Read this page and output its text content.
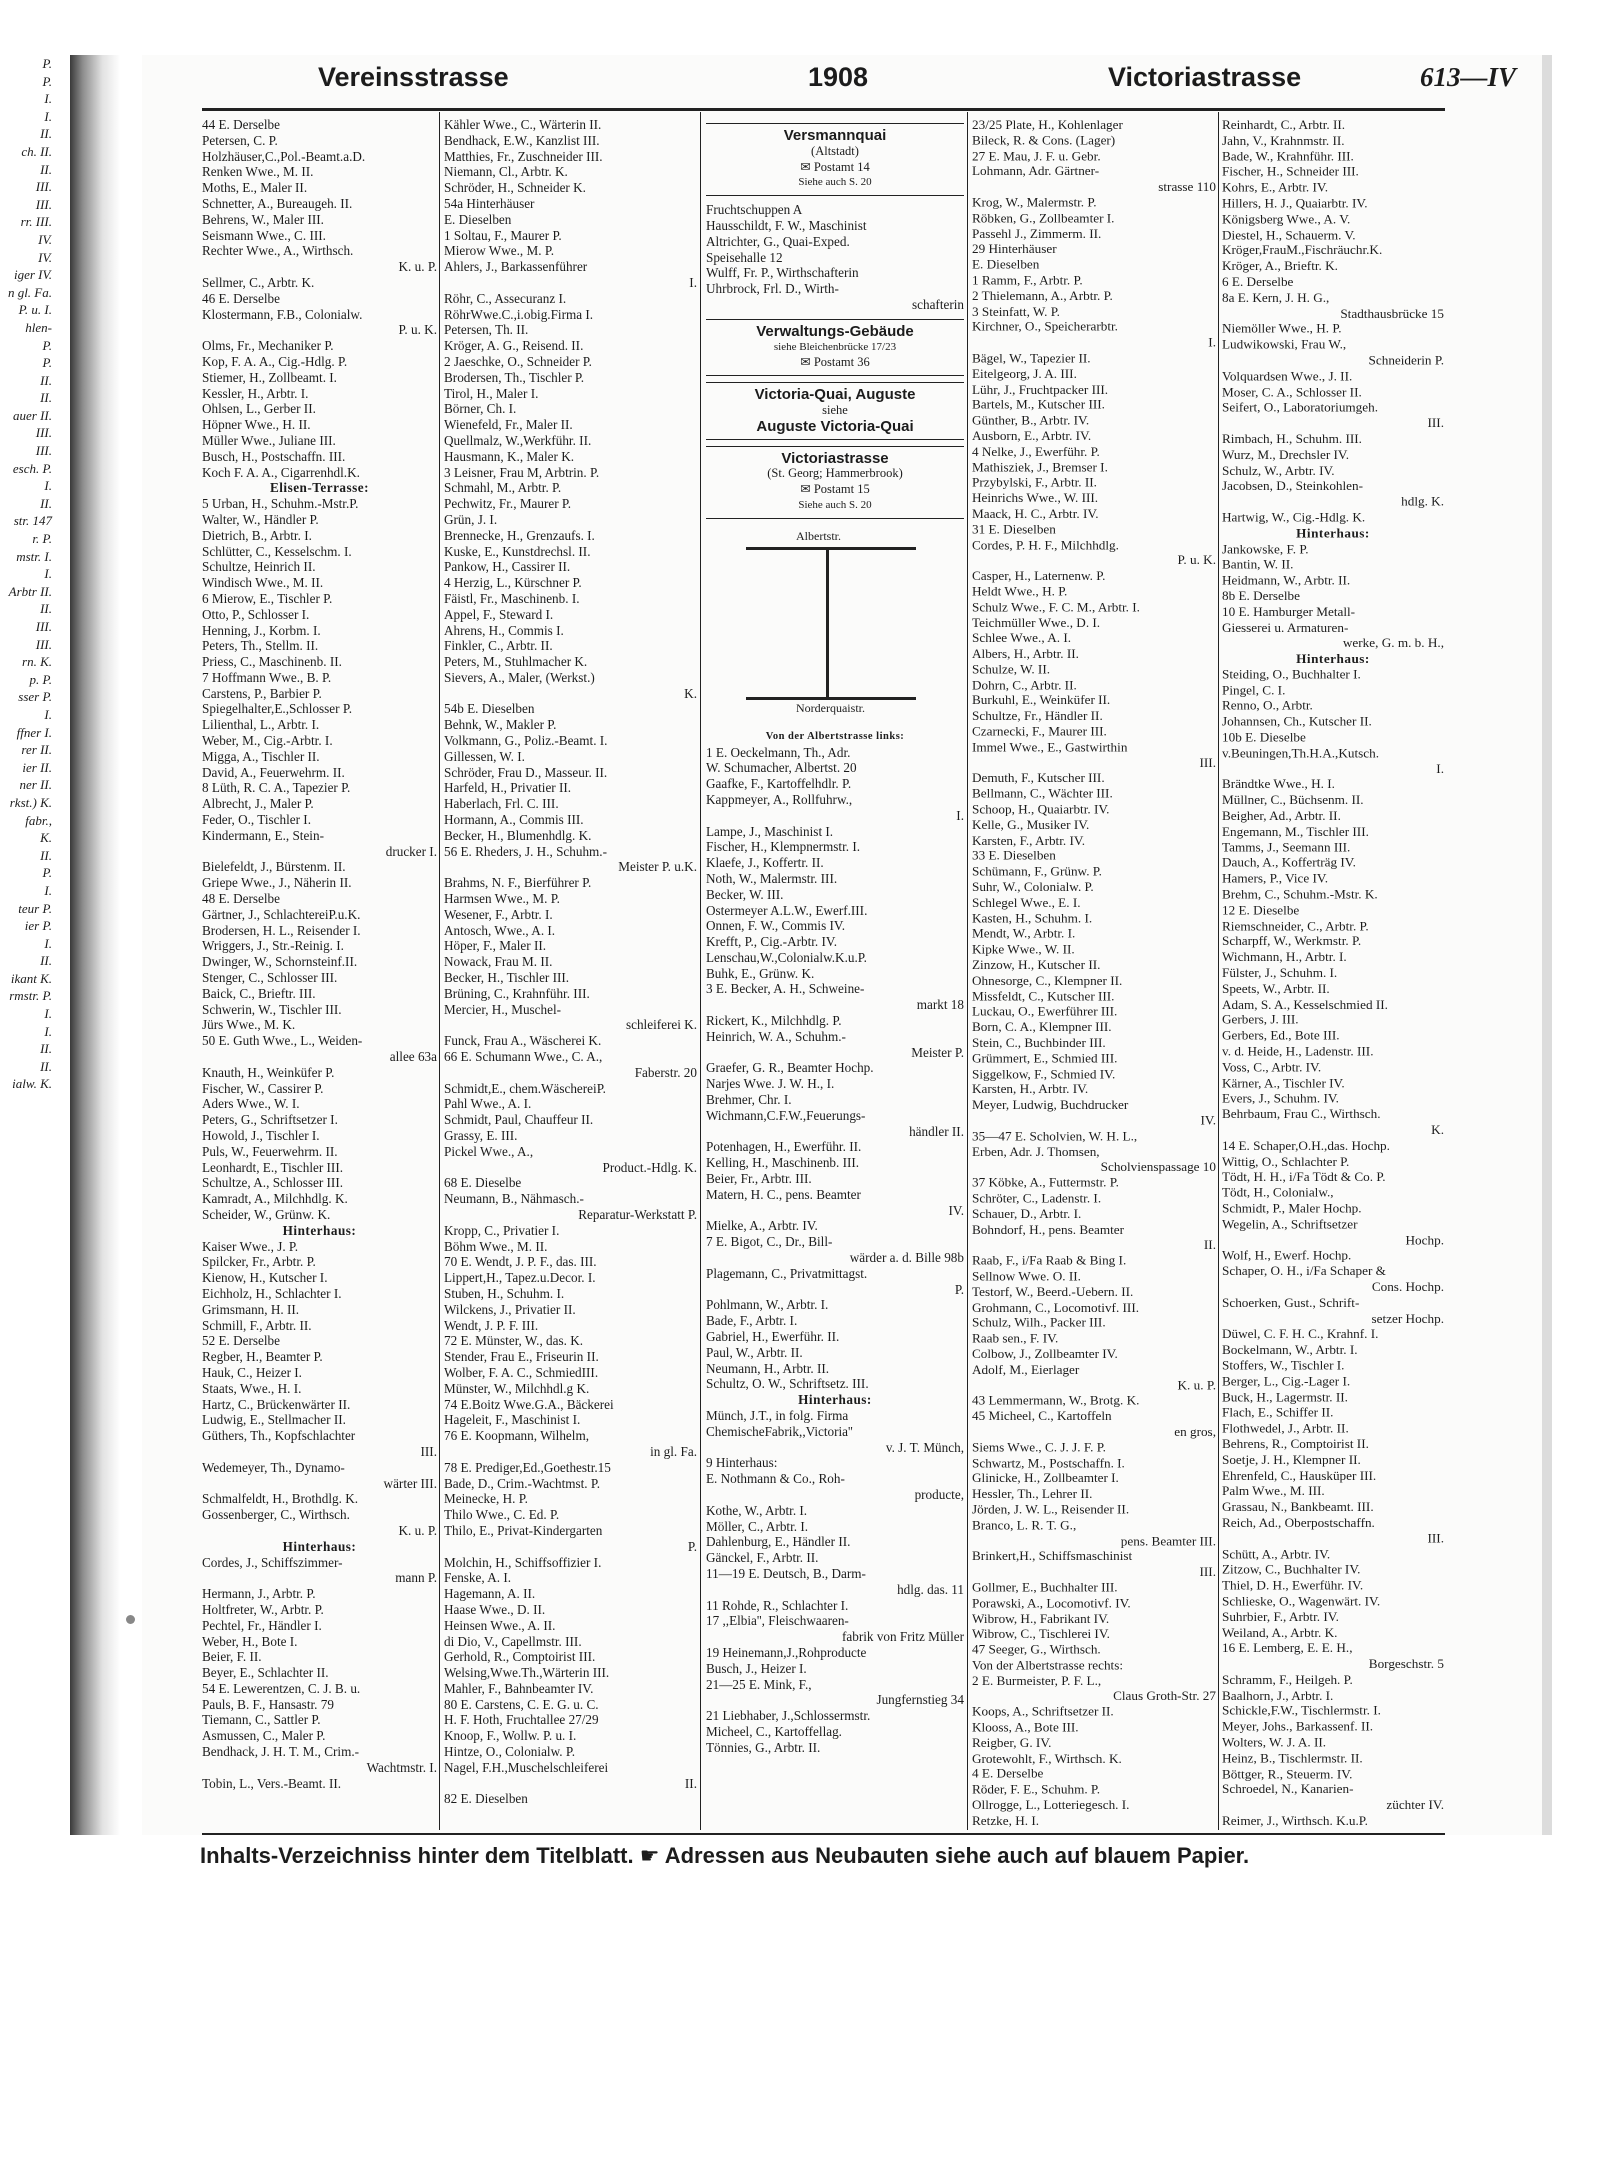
P.
P.
I.
I.
II.
ch. II.
II.
III.
III.
rr. III.
IV.
IV.
iger IV.
n gl. Fa.
P. u. I.
hlen-
P.
P.
II.
II.
auer II.
III.
III.
esch. P.
I.
II.
str. 147
r. P.
mstr. I.
I.
Arbtr II.
II.
III.
III.
rn. K.
p. P.
sser P.
I.
ffner I.
rer II.
ier II.
ner II.
rkst.) K.
fabr.,
K.
II.
P.
I.
teur P.
ier P.
I.
II.
ikant K.
rmstr. P.
I.
I.
II.
II.
ialw. K.
Vereinsstrasse	1908	Victoriastrasse	613—IV
44 E. Derselbe
Petersen, C. P.
Holzhäuser,C.,Pol.-Beamt.a.D.
Renken Wwe., M. II.
Moths, E., Maler II.
Schnetter, A., Bureaugeh. II.
Behrens, W., Maler III.
Seismann Wwe., C. III.
Rechter Wwe., A., Wirthsch.
K. u. P.
Sellmer, C., Arbtr. K.
46 E. Derselbe
Klostermann, F.B., Colonialw.
P. u. K.
Olms, Fr., Mechaniker P.
Kop, F. A. A., Cig.-Hdlg. P.
Stiemer, H., Zollbeamt. I.
Kessler, H., Arbtr. I.
Ohlsen, L., Gerber II.
Höpner Wwe., H. II.
Müller Wwe., Juliane III.
Busch, H., Postschaffn. III.
Koch F. A. A., Cigarrenhdl.K.
Elisen-Terrasse:
5 Urban, H., Schuhm.-Mstr.P.
Walter, W., Händler P.
Dietrich, B., Arbtr. I.
Schlütter, C., Kesselschm. I.
Schultze, Heinrich II.
Windisch Wwe., M. II.
6 Mierow, E., Tischler P.
Otto, P., Schlosser I.
Henning, J., Korbm. I.
Peters, Th., Stellm. II.
Priess, C., Maschinenb. II.
7 Hoffmann Wwe., B. P.
Carstens, P., Barbier P.
Spiegelhalter,E.,Schlosser P.
Lilienthal, L., Arbtr. I.
Weber, M., Cig.-Arbtr. I.
Migga, A., Tischler II.
David, A., Feuerwehrm. II.
8 Lüth, R. C. A., Tapezier P.
Albrecht, J., Maler P.
Feder, O., Tischler I.
Kindermann, E., Stein-
drucker I.
Bielefeldt, J., Bürstenm. II.
Griepe Wwe., J., Näherin II.
48 E. Derselbe
Gärtner, J., SchlachtereiP.u.K.
Brodersen, H. L., Reisender I.
Wriggers, J., Str.-Reinig. I.
Dwinger, W., Schornsteinf.II.
Stenger, C., Schlosser III.
Baick, C., Brieftr. III.
Schwerin, W., Tischler III.
Jürs Wwe., M. K.
50 E. Guth Wwe., L., Weiden-
allee 63a
Knauth, H., Weinküfer P.
Fischer, W., Cassirer P.
Aders Wwe., W. I.
Peters, G., Schriftsetzer I.
Howold, J., Tischler I.
Puls, W., Feuerwehrm. II.
Leonhardt, E., Tischler III.
Schultze, A., Schlosser III.
Kamradt, A., Milchhdlg. K.
Scheider, W., Grünw. K.
Hinterhaus:
Kaiser Wwe., J. P.
Spilcker, Fr., Arbtr. P.
Kienow, H., Kutscher I.
Eichholz, H., Schlachter I.
Grimsmann, H. II.
Schmill, F., Arbtr. II.
52 E. Derselbe
Regber, H., Beamter P.
Hauk, C., Heizer I.
Staats, Wwe., H. I.
Hartz, C., Brückenwärter II.
Ludwig, E., Stellmacher II.
Güthers, Th., Kopfschlachter
III.
Wedemeyer, Th., Dynamo-
wärter III.
Schmalfeldt, H., Brothdlg. K.
Gossenberger, C., Wirthsch.
K. u. P.
Hinterhaus:
Cordes, J., Schiffszimmer-
mann P.
Hermann, J., Arbtr. P.
Holtfreter, W., Arbtr. P.
Pechtel, Fr., Händler I.
Weber, H., Bote I.
Beier, F. II.
Beyer, E., Schlachter II.
54 E. Lewerentzen, C. J. B. u.
Pauls, B. F., Hansastr. 79
Tiemann, C., Sattler P.
Asmussen, C., Maler P.
Bendhack, J. H. T. M., Crim.-
Wachtmstr. I.
Tobin, L., Vers.-Beamt. II.
Kähler Wwe., C., Wärterin II.
Bendhack, E.W., Kanzlist III.
Matthies, Fr., Zuschneider III.
Niemann, Cl., Arbtr. K.
Schröder, H., Schneider K.
54a Hinterhäuser
E. Dieselben
1 Soltau, F., Maurer P.
Mierow Wwe., M. P.
Ahlers, J., Barkassenführer
I.
Röhr, C., Assecuranz I.
RöhrWwe.C.,i.obig.Firma I.
Petersen, Th. II.
Kröger, A. G., Reisend. II.
2 Jaeschke, O., Schneider P.
Brodersen, Th., Tischler P.
Tirol, H., Maler I.
Börner, Ch. I.
Wienefeld, Fr., Maler II.
Quellmalz, W.,Werkführ. II.
Hausmann, K., Maler K.
3 Leisner, Frau M, Arbtrin. P.
Schmahl, M., Arbtr. P.
Pechwitz, Fr., Maurer P.
Grün, J. I.
Brennecke, H., Grenzaufs. I.
Kuske, E., Kunstdrechsl. II.
Pankow, H., Cassirer II.
4 Herzig, L., Kürschner P.
Fäistl, Fr., Maschinenb. I.
Appel, F., Steward I.
Ahrens, H., Commis I.
Finkler, C., Arbtr. II.
Peters, M., Stuhlmacher K.
Sievers, A., Maler, (Werkst.)
K.
54b E. Dieselben
Behnk, W., Makler P.
Volkmann, G., Poliz.-Beamt. I.
Gillessen, W. I.
Schröder, Frau D., Masseur. II.
Harfeld, H., Privatier II.
Haberlach, Frl. C. III.
Hormann, A., Commis III.
Becker, H., Blumenhdlg. K.
56 E. Rheders, J. H., Schuhm.-
Meister P. u.K.
Brahms, N. F., Bierführer P.
Harmsen Wwe., M. P.
Wesener, F., Arbtr. I.
Antosch, Wwe., A. I.
Höper, F., Maler II.
Nowack, Frau M. II.
Becker, H., Tischler III.
Brüning, C., Krahnführ. III.
Mercier, H., Muschel-
schleiferei K.
Funck, Frau A., Wäscherei K.
66 E. Schumann Wwe., C. A.,
Faberstr. 20
Schmidt,E., chem.WäschereiP.
Pahl Wwe., A. I.
Schmidt, Paul, Chauffeur II.
Grassy, E. III.
Pickel Wwe., A.,
Product.-Hdlg. K.
68 E. Dieselbe
Neumann, B., Nähmasch.-
Reparatur-Werkstatt P.
Kropp, C., Privatier I.
Böhm Wwe., M. II.
70 E. Wendt, J. P. F., das. III.
Lippert,H., Tapez.u.Decor. I.
Stuben, H., Schuhm. I.
Wilckens, J., Privatier II.
Wendt, J. P. F. III.
72 E. Münster, W., das. K.
Stender, Frau E., Friseurin II.
Wolber, F. A. C., SchmiedIII.
Münster, W., Milchhdl.g K.
74 E.Boitz Wwe.G.A., Bäckerei
Hageleit, F., Maschinist I.
76 E. Koopmann, Wilhelm,
in gl. Fa.
78 E. Prediger,Ed.,Goethestr.15
Bade, D., Crim.-Wachtmst. P.
Meinecke, H. P.
Thilo Wwe., C. Ed. P.
Thilo, E., Privat-Kindergarten
P.
Molchin, H., Schiffsoffizier I.
Fenske, A. I.
Hagemann, A. II.
Haase Wwe., D. II.
Heinsen Wwe., A. II.
di Dio, V., Capellmstr. III.
Gerhold, R., Comptoirist III.
Welsing,Wwe.Th.,Wärterin III.
Mahler, F., Bahnbeamter IV.
80 E. Carstens, C. E. G. u. C.
H. F. Hoth, Fruchtallee 27/29
Knoop, F., Wollw. P. u. I.
Hintze, O., Colonialw. P.
Nagel, F.H.,Muschelschleiferei
II.
82 E. Dieselben
Versmannquai
(Altstadt)
✉ Postamt 14
Siehe auch S. 20
Fruchtschuppen A
Hausschildt, F. W., Maschinist
Altrichter, G., Quai-Exped.
Speisehalle 12
Wulff, Fr. P., Wirthschafterin
Uhrbrock, Frl. D., Wirth-
schafterin
Verwaltungs-Gebäude
siehe Bleichenbrücke 17/23
✉ Postamt 36
Victoria-Quai, Auguste
siehe
Auguste Victoria-Quai
Victoriastrasse
(St. Georg; Hammerbrook)
✉ Postamt 15
Siehe auch S. 20
Albertstr.
Norderquaistr.
Von der Albertstrasse links:
1 E. Oeckelmann, Th., Adr.
W. Schumacher, Albertst. 20
Gaafke, F., Kartoffelhdlr. P.
Kappmeyer, A., Rollfuhrw.,
I.
Lampe, J., Maschinist I.
Fischer, H., Klempnermstr. I.
Klaefe, J., Koffertr. II.
Noth, W., Malermstr. III.
Becker, W. III.
Ostermeyer A.L.W., Ewerf.III.
Onnen, F. W., Commis IV.
Krefft, P., Cig.-Arbtr. IV.
Lenschau,W.,Colonialw.K.u.P.
Buhk, E., Grünw. K.
3 E. Becker, A. H., Schweine-
markt 18
Rickert, K., Milchhdlg. P.
Heinrich, W. A., Schuhm.-
Meister P.
Graefer, G. R., Beamter Hochp.
Narjes Wwe. J. W. H., I.
Brehmer, Chr. I.
Wichmann,C.F.W.,Feuerungs-
händler II.
Potenhagen, H., Ewerführ. II.
Kelling, H., Maschinenb. III.
Beier, Fr., Arbtr. III.
Matern, H. C., pens. Beamter
IV.
Mielke, A., Arbtr. IV.
7 E. Bigot, C., Dr., Bill-
wärder a. d. Bille 98b
Plagemann, C., Privatmittagst.
P.
Pohlmann, W., Arbtr. I.
Bade, F., Arbtr. I.
Gabriel, H., Ewerführ. II.
Paul, W., Arbtr. II.
Neumann, H., Arbtr. II.
Schultz, O. W., Schriftsetz. III.
Hinterhaus:
Münch, J.T., in folg. Firma
ChemischeFabrik,,Victoria''
v. J. T. Münch,
9 Hinterhaus:
E. Nothmann & Co., Roh-
producte,
Kothe, W., Arbtr. I.
Möller, C., Arbtr. I.
Dahlenburg, E., Händler II.
Gänckel, F., Arbtr. II.
11—19 E. Deutsch, B., Darm-
hdlg. das. 11
11 Rohde, R., Schlachter I.
17 ,,Elbia'', Fleischwaaren-
fabrik von Fritz Müller
19 Heinemann,J.,Rohproducte
Busch, J., Heizer I.
21—25 E. Mink, F.,
Jungfernstieg 34
21 Liebhaber, J.,Schlossermstr.
Micheel, C., Kartoffellag.
Tönnies, G., Arbtr. II.
23/25 Plate, H., Kohlenlager
Bileck, R. & Cons. (Lager)
27 E. Mau, J. F. u. Gebr.
Lohmann, Adr. Gärtner-
strasse 110
Krog, W., Malermstr. P.
Röbken, G., Zollbeamter I.
Passehl J., Zimmerm. II.
29 Hinterhäuser
E. Dieselben
1 Ramm, F., Arbtr. P.
2 Thielemann, A., Arbtr. P.
3 Steinfatt, W. P.
Kirchner, O., Speicherarbtr.
I.
Bägel, W., Tapezier II.
Eitelgeorg, J. A. III.
Lühr, J., Fruchtpacker III.
Bartels, M., Kutscher III.
Günther, B., Arbtr. IV.
Ausborn, E., Arbtr. IV.
4 Nelke, J., Ewerführ. P.
Mathisziek, J., Bremser I.
Przybylski, F., Arbtr. II.
Heinrichs Wwe., W. III.
Maack, H. C., Arbtr. IV.
31 E. Dieselben
Cordes, P. H. F., Milchhdlg.
P. u. K.
Casper, H., Laternenw. P.
Heldt Wwe., H. P.
Schulz Wwe., F. C. M., Arbtr. I.
Teichmüller Wwe., D. I.
Schlee Wwe., A. I.
Albers, H., Arbtr. II.
Schulze, W. II.
Dohrn, C., Arbtr. II.
Burkuhl, E., Weinküfer II.
Schultze, Fr., Händler II.
Czarnecki, F., Maurer III.
Immel Wwe., E., Gastwirthin
III.
Demuth, F., Kutscher III.
Bellmann, C., Wächter III.
Schoop, H., Quaiarbtr. IV.
Kelle, G., Musiker IV.
Karsten, F., Arbtr. IV.
33 E. Dieselben
Schümann, F., Grünw. P.
Suhr, W., Colonialw. P.
Schlegel Wwe., E. I.
Kasten, H., Schuhm. I.
Mendt, W., Arbtr. I.
Kipke Wwe., W. II.
Zinzow, H., Kutscher II.
Ohnesorge, C., Klempner II.
Missfeldt, C., Kutscher III.
Luckau, O., Ewerführer III.
Born, C. A., Klempner III.
Stein, C., Buchbinder III.
Grümmert, E., Schmied III.
Siggelkow, F., Schmied IV.
Karsten, H., Arbtr. IV.
Meyer, Ludwig, Buchdrucker
IV.
35—47 E. Scholvien, W. H. L.,
Erben, Adr. J. Thomsen,
Scholvienspassage 10
37 Köbke, A., Futtermstr. P.
Schröter, C., Ladenstr. I.
Schauer, D., Arbtr. I.
Bohndorf, H., pens. Beamter
II.
Raab, F., i/Fa Raab & Bing I.
Sellnow Wwe. O. II.
Testorf, W., Beerd.-Uebern. II.
Grohmann, C., Locomotivf. III.
Schulz, Wilh., Packer III.
Raab sen., F. IV.
Colbow, J., Zollbeamter IV.
Adolf, M., Eierlager
K. u. P.
43 Lemmermann, W., Brotg. K.
45 Micheel, C., Kartoffeln
en gros,
Siems Wwe., C. J. J. F. P.
Schwartz, M., Postschaffn. I.
Glinicke, H., Zollbeamter I.
Hessler, Th., Lehrer II.
Jörden, J. W. L., Reisender II.
Branco, L. R. T. G.,
pens. Beamter III.
Brinkert,H., Schiffsmaschinist
III.
Gollmer, E., Buchhalter III.
Porawski, A., Locomotivf. IV.
Wibrow, H., Fabrikant IV.
Wibrow, C., Tischlerei IV.
47 Seeger, G., Wirthsch.
Von der Albertstrasse rechts:
2 E. Burmeister, P. F. L.,
Claus Groth-Str. 27
Koops, A., Schriftsetzer II.
Klooss, A., Bote III.
Reigber, G. IV.
Grotewohlt, F., Wirthsch. K.
4 E. Derselbe
Röder, F. E., Schuhm. P.
Ollrogge, L., Lotteriegesch. I.
Retzke, H. I.
Reinhardt, C., Arbtr. II.
Jahn, V., Krahnmstr. II.
Bade, W., Krahnführ. III.
Fischer, H., Schneider III.
Kohrs, E., Arbtr. IV.
Hillers, H. J., Quaiarbtr. IV.
Königsberg Wwe., A. V.
Diestel, H., Schauerm. V.
Kröger,FrauM.,Fischräuchr.K.
Kröger, A., Brieftr. K.
6 E. Derselbe
8a E. Kern, J. H. G.,
Stadthausbrücke 15
Niemöller Wwe., H. P.
Ludwikowski, Frau W.,
Schneiderin P.
Volquardsen Wwe., J. II.
Moser, C. A., Schlosser II.
Seifert, O., Laboratoriumgeh.
III.
Rimbach, H., Schuhm. III.
Wurz, M., Drechsler IV.
Schulz, W., Arbtr. IV.
Jacobsen, D., Steinkohlen-
hdlg. K.
Hartwig, W., Cig.-Hdlg. K.
Hinterhaus:
Jankowske, F. P.
Bantin, W. II.
Heidmann, W., Arbtr. II.
8b E. Derselbe
10 E. Hamburger Metall-
Giesserei u. Armaturen-
werke, G. m. b. H.,
Hinterhaus:
Steiding, O., Buchhalter I.
Pingel, C. I.
Renno, O., Arbtr.
Johannsen, Ch., Kutscher II.
10b E. Dieselbe
v.Beuningen,Th.H.A.,Kutsch.
I.
Brändtke Wwe., H. I.
Müllner, C., Büchsenm. II.
Beigher, Ad., Arbtr. II.
Engemann, M., Tischler III.
Tamms, J., Seemann III.
Dauch, A., Kofferträg IV.
Hamers, P., Vice IV.
Brehm, C., Schuhm.-Mstr. K.
12 E. Dieselbe
Riemschneider, C., Arbtr. P.
Scharpff, W., Werkmstr. P.
Wichmann, H., Arbtr. I.
Fülster, J., Schuhm. I.
Speets, W., Arbtr. II.
Adam, S. A., Kesselschmied II.
Gerbers, J. III.
Gerbers, Ed., Bote III.
v. d. Heide, H., Ladenstr. III.
Voss, C., Arbtr. IV.
Kärner, A., Tischler IV.
Evers, J., Schuhm. IV.
Behrbaum, Frau C., Wirthsch.
K.
14 E. Schaper,O.H.,das. Hochp.
Wittig, O., Schlachter P.
Tödt, H. H., i/Fa Tödt & Co. P.
Tödt, H., Colonialw.,
Schmidt, P., Maler Hochp.
Wegelin, A., Schriftsetzer
Hochp.
Wolf, H., Ewerf. Hochp.
Schaper, O. H., i/Fa Schaper &
Cons. Hochp.
Schoerken, Gust., Schrift-
setzer Hochp.
Düwel, C. F. H. C., Krahnf. I.
Bockelmann, W., Arbtr. I.
Stoffers, W., Tischler I.
Berger, L., Cig.-Lager I.
Buck, H., Lagermstr. II.
Flach, E., Schiffer II.
Flothwedel, J., Arbtr. II.
Behrens, R., Comptoirist II.
Soetje, J. H., Klempner II.
Ehrenfeld, C., Hausküper III.
Palm Wwe., M. III.
Grassau, N., Bankbeamt. III.
Reich, Ad., Oberpostschaffn.
III.
Schütt, A., Arbtr. IV.
Zitzow, C., Buchhalter IV.
Thiel, D. H., Ewerführ. IV.
Schlieske, O., Wagenwärt. IV.
Suhrbier, F., Arbtr. IV.
Weiland, A., Arbtr. K.
16 E. Lemberg, E. E. H.,
Borgeschstr. 5
Schramm, F., Heilgeh. P.
Baalhorn, J., Arbtr. I.
Schickle,F.W., Tischlermstr. I.
Meyer, Johs., Barkassenf. II.
Wolters, W. J. A. II.
Heinz, B., Tischlermstr. II.
Böttger, R., Steuerm. IV.
Schroedel, N., Kanarien-
züchter IV.
Reimer, J., Wirthsch. K.u.P.
Inhalts-Verzeichniss hinter dem Titelblatt. ☛ Adressen aus Neubauten siehe auch auf blauem Papier.
